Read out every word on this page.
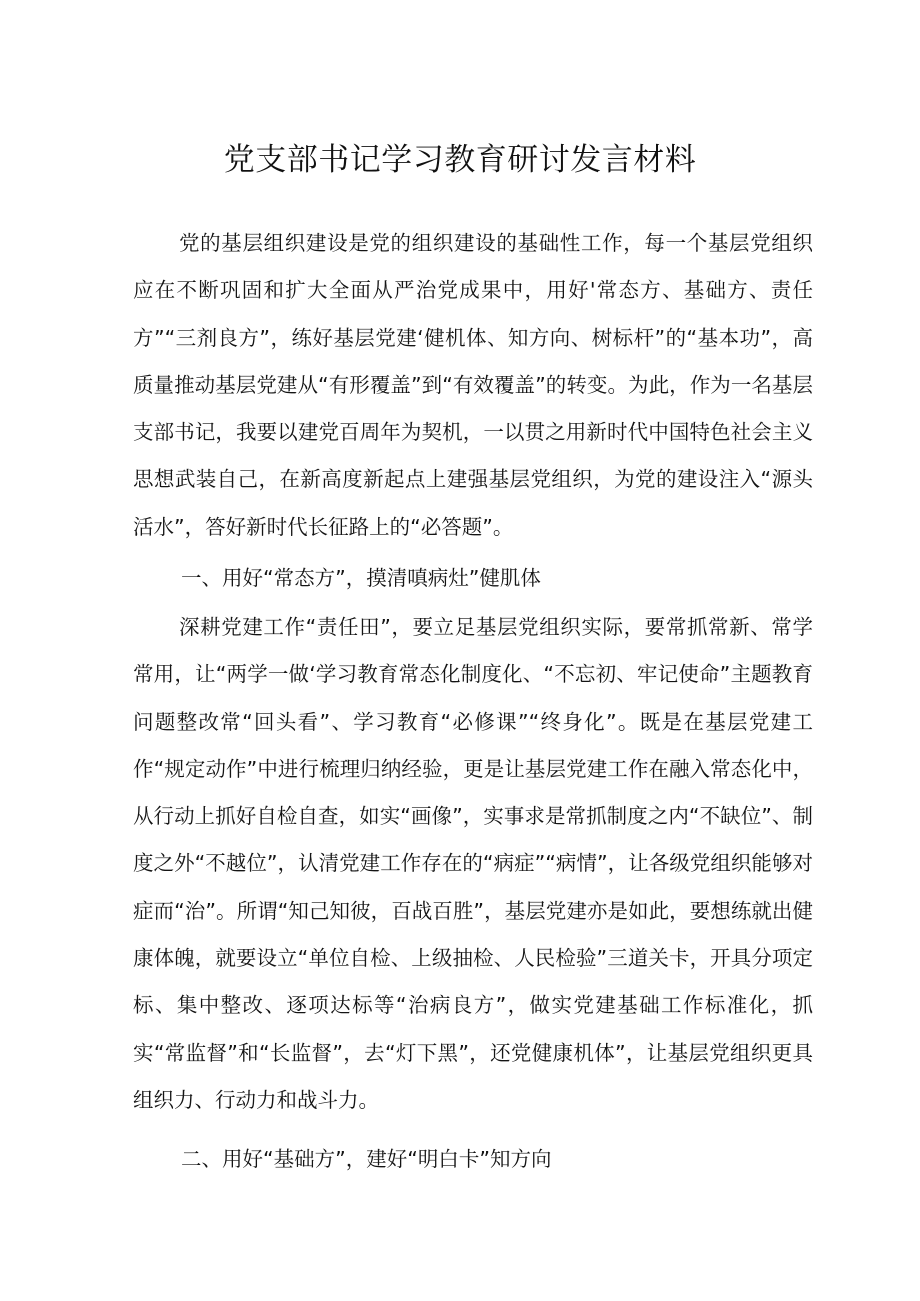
党支部书记学习教育研讨发言材料

党的基层组织建设是党的组织建设的基础性工作，每一个基层党组织应在不断巩固和扩大全面从严治党成果中，用好'常态方、基础方、责任方”“三剂良方”，练好基层党建‘健机体、知方向、树标杆”的“基本功”，高质量推动基层党建从“有形覆盖”到“有效覆盖”的转变。为此，作为一名基层支部书记，我要以建党百周年为契机，一以贯之用新时代中国特色社会主义思想武装自己，在新高度新起点上建强基层党组织，为党的建设注入“源头活水”，答好新时代长征路上的“必答题”。

一、用好“常态方”，摸清嗔病灶”健肌体

深耕党建工作“责任田”，要立足基层党组织实际，要常抓常新、常学常用，让“两学一做‘学习教育常态化制度化、“不忘初、牢记使命”主题教育问题整改常“回头看”、学习教育“必修课”“终身化”。既是在基层党建工作“规定动作”中进行梳理归纳经验，更是让基层党建工作在融入常态化中，从行动上抓好自检自查，如实“画像”，实事求是常抓制度之内“不缺位”、制度之外“不越位”，认清党建工作存在的“病症”“病情”，让各级党组织能够对症而“治”。所谓“知己知彼，百战百胜”，基层党建亦是如此，要想练就出健康体魄，就要设立“单位自检、上级抽检、人民检验”三道关卡，开具分项定标、集中整改、逐项达标等“治病良方”，做实党建基础工作标准化，抓实“常监督”和“长监督”，去“灯下黑”，还党健康机体”，让基层党组织更具组织力、行动力和战斗力。

二、用好“基础方”，建好“明白卡”知方向
